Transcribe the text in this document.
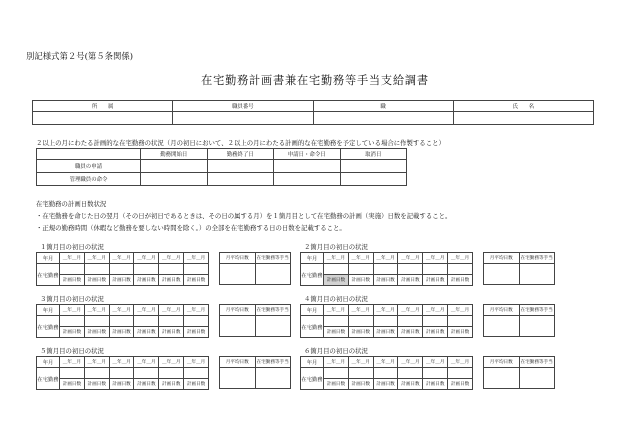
別記様式第２号(第５条関係)
在宅勤務計画書兼在宅勤務等手当支給調書
所　　属	職員番号	職	氏　　名

２以上の月にわたる計画的な在宅勤務の状況（月の初日において、２以上の月にわたる計画的な在宅勤務を予定している場合に作製すること）
	勤務開始日	勤務終了日	申請日・命令日	取消日
職員の申請				
管理職員の命令				
在宅勤務の計画日数状況
・在宅勤務を命じた日の翌月（その日が初日であるときは、その日の属する月）を１箇月目として在宅勤務の計画（実施）日数を記載すること。
・正規の勤務時間（休暇など勤務を要しない時間を除く。）の全部を在宅勤務する日の日数を記載すること。
１箇月目の初日の状況
年月	＿年＿月	＿年＿月	＿年＿月	＿年＿月	＿年＿月	＿年＿月
在宅勤務						
	計画日数	計画日数	計画日数	計画日数	計画日数	計画日数
月平均日数	在宅勤務等手当

２箇月目の初日の状況
年月	＿年＿月	＿年＿月	＿年＿月	＿年＿月	＿年＿月	＿年＿月
在宅勤務						
	計画日数	計画日数	計画日数	計画日数	計画日数	計画日数
月平均日数	在宅勤務等手当

３箇月目の初日の状況
年月	＿年＿月	＿年＿月	＿年＿月	＿年＿月	＿年＿月	＿年＿月
在宅勤務						
	計画日数	計画日数	計画日数	計画日数	計画日数	計画日数
月平均日数	在宅勤務等手当

４箇月目の初日の状況
年月	＿年＿月	＿年＿月	＿年＿月	＿年＿月	＿年＿月	＿年＿月
在宅勤務						
	計画日数	計画日数	計画日数	計画日数	計画日数	計画日数
月平均日数	在宅勤務等手当

５箇月目の初日の状況
年月	＿年＿月	＿年＿月	＿年＿月	＿年＿月	＿年＿月	＿年＿月
在宅勤務						
	計画日数	計画日数	計画日数	計画日数	計画日数	計画日数
月平均日数	在宅勤務等手当

６箇月目の初日の状況
年月	＿年＿月	＿年＿月	＿年＿月	＿年＿月	＿年＿月	＿年＿月
在宅勤務						
	計画日数	計画日数	計画日数	計画日数	計画日数	計画日数
月平均日数	在宅勤務等手当
